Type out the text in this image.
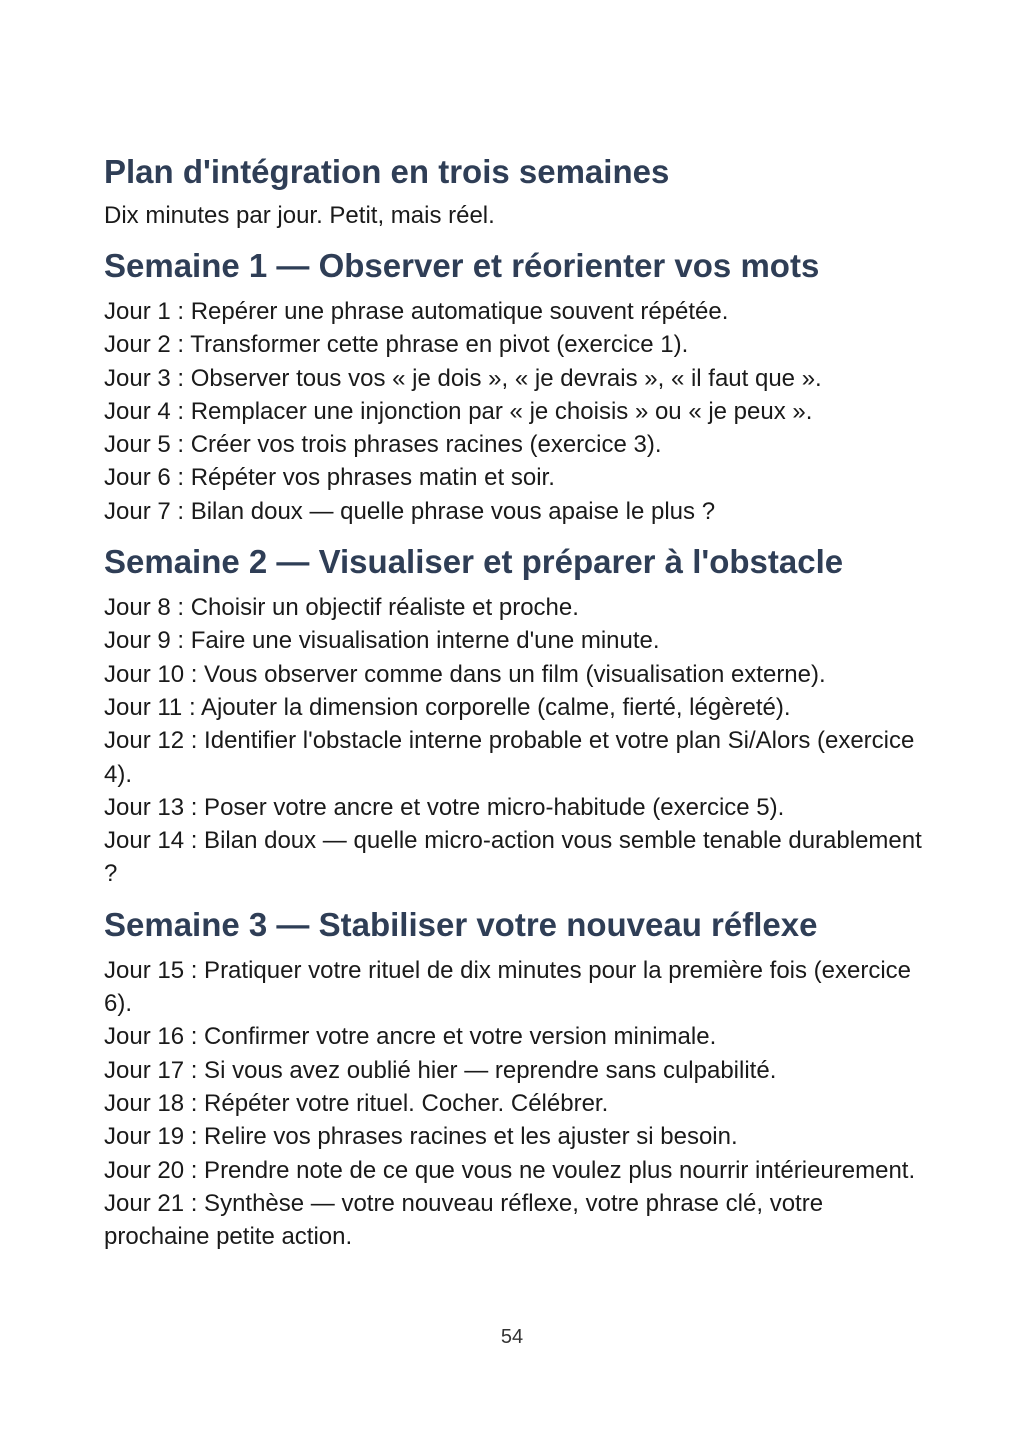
Plan d'intégration en trois semaines

Dix minutes par jour. Petit, mais réel.

Semaine 1 — Observer et réorienter vos mots
Jour 1 : Repérer une phrase automatique souvent répétée.
Jour 2 : Transformer cette phrase en pivot (exercice 1).
Jour 3 : Observer tous vos « je dois », « je devrais », « il faut que ».
Jour 4 : Remplacer une injonction par « je choisis » ou « je peux ».
Jour 5 : Créer vos trois phrases racines (exercice 3).
Jour 6 : Répéter vos phrases matin et soir.
Jour 7 : Bilan doux — quelle phrase vous apaise le plus ?
Semaine 2 — Visualiser et préparer à l'obstacle
Jour 8 : Choisir un objectif réaliste et proche.
Jour 9 : Faire une visualisation interne d'une minute.
Jour 10 : Vous observer comme dans un film (visualisation externe).
Jour 11 : Ajouter la dimension corporelle (calme, fierté, légèreté).
Jour 12 : Identifier l'obstacle interne probable et votre plan Si/Alors (exercice 4).
Jour 13 : Poser votre ancre et votre micro-habitude (exercice 5).
Jour 14 : Bilan doux — quelle micro-action vous semble tenable durablement ?
Semaine 3 — Stabiliser votre nouveau réflexe
Jour 15 : Pratiquer votre rituel de dix minutes pour la première fois (exercice 6).
Jour 16 : Confirmer votre ancre et votre version minimale.
Jour 17 : Si vous avez oublié hier — reprendre sans culpabilité.
Jour 18 : Répéter votre rituel. Cocher. Célébrer.
Jour 19 : Relire vos phrases racines et les ajuster si besoin.
Jour 20 : Prendre note de ce que vous ne voulez plus nourrir intérieurement.
Jour 21 : Synthèse — votre nouveau réflexe, votre phrase clé, votre prochaine petite action.
54
